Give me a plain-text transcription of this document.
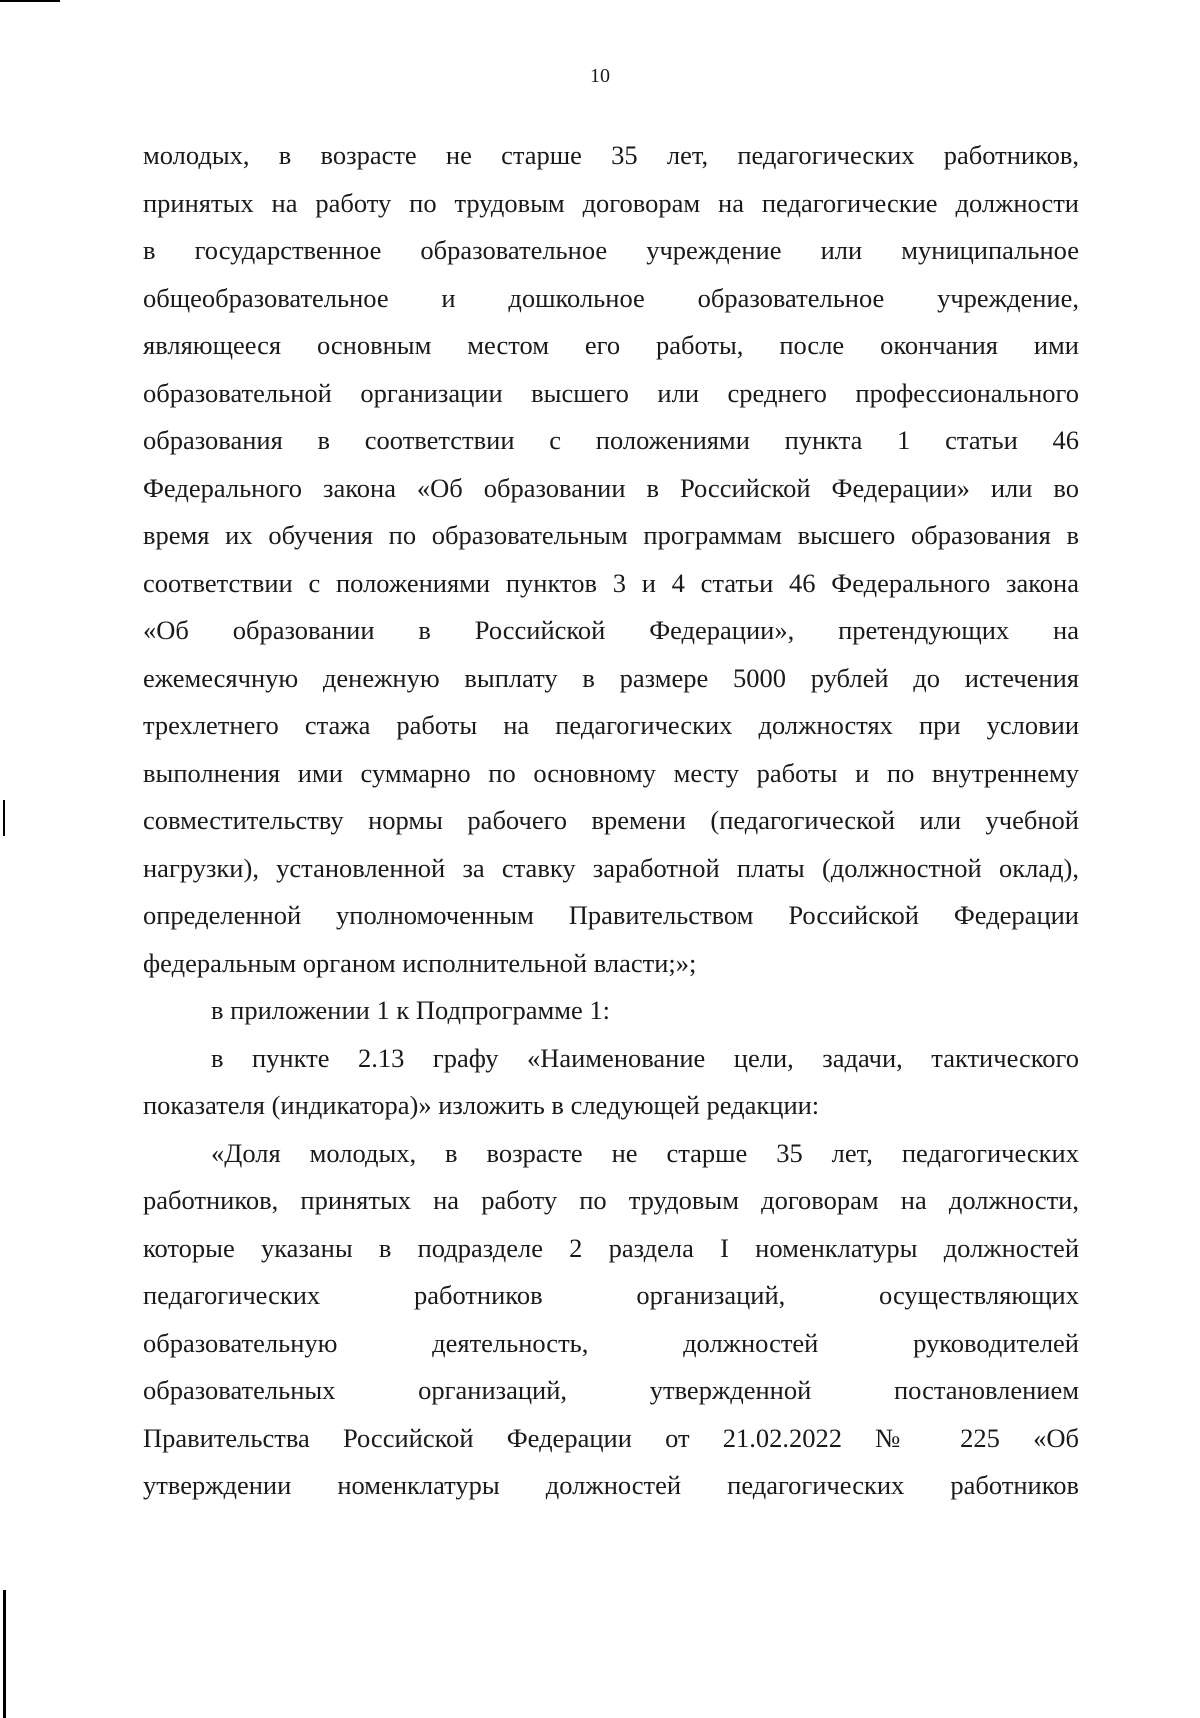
10
молодых, в возрасте не старше 35 лет, педагогических работников,
принятых на работу по трудовым договорам на педагогические должности
в государственное образовательное учреждение или муниципальное
общеобразовательное и дошкольное образовательное учреждение,
являющееся основным местом его работы, после окончания ими
образовательной организации высшего или среднего профессионального
образования в соответствии с положениями пункта 1 статьи 46
Федерального закона «Об образовании в Российской Федерации» или во
время их обучения по образовательным программам высшего образования в
соответствии с положениями пунктов 3 и 4 статьи 46 Федерального закона
«Об образовании в Российской Федерации», претендующих на
ежемесячную денежную выплату в размере 5000 рублей до истечения
трехлетнего стажа работы на педагогических должностях при условии
выполнения ими суммарно по основному месту работы и по внутреннему
совместительству нормы рабочего времени (педагогической или учебной
нагрузки), установленной за ставку заработной платы (должностной оклад),
определенной уполномоченным Правительством Российской Федерации
федеральным органом исполнительной власти;»;
в приложении 1 к Подпрограмме 1:
в пункте 2.13 графу «Наименование цели, задачи, тактического
показателя (индикатора)» изложить в следующей редакции:
«Доля молодых, в возрасте не старше 35 лет, педагогических
работников, принятых на работу по трудовым договорам на должности,
которые указаны в подразделе 2 раздела I номенклатуры должностей
педагогических работников организаций, осуществляющих
образовательную деятельность, должностей руководителей
образовательных организаций, утвержденной постановлением
Правительства Российской Федерации от 21.02.2022 № 225 «Об
утверждении номенклатуры должностей педагогических работников
